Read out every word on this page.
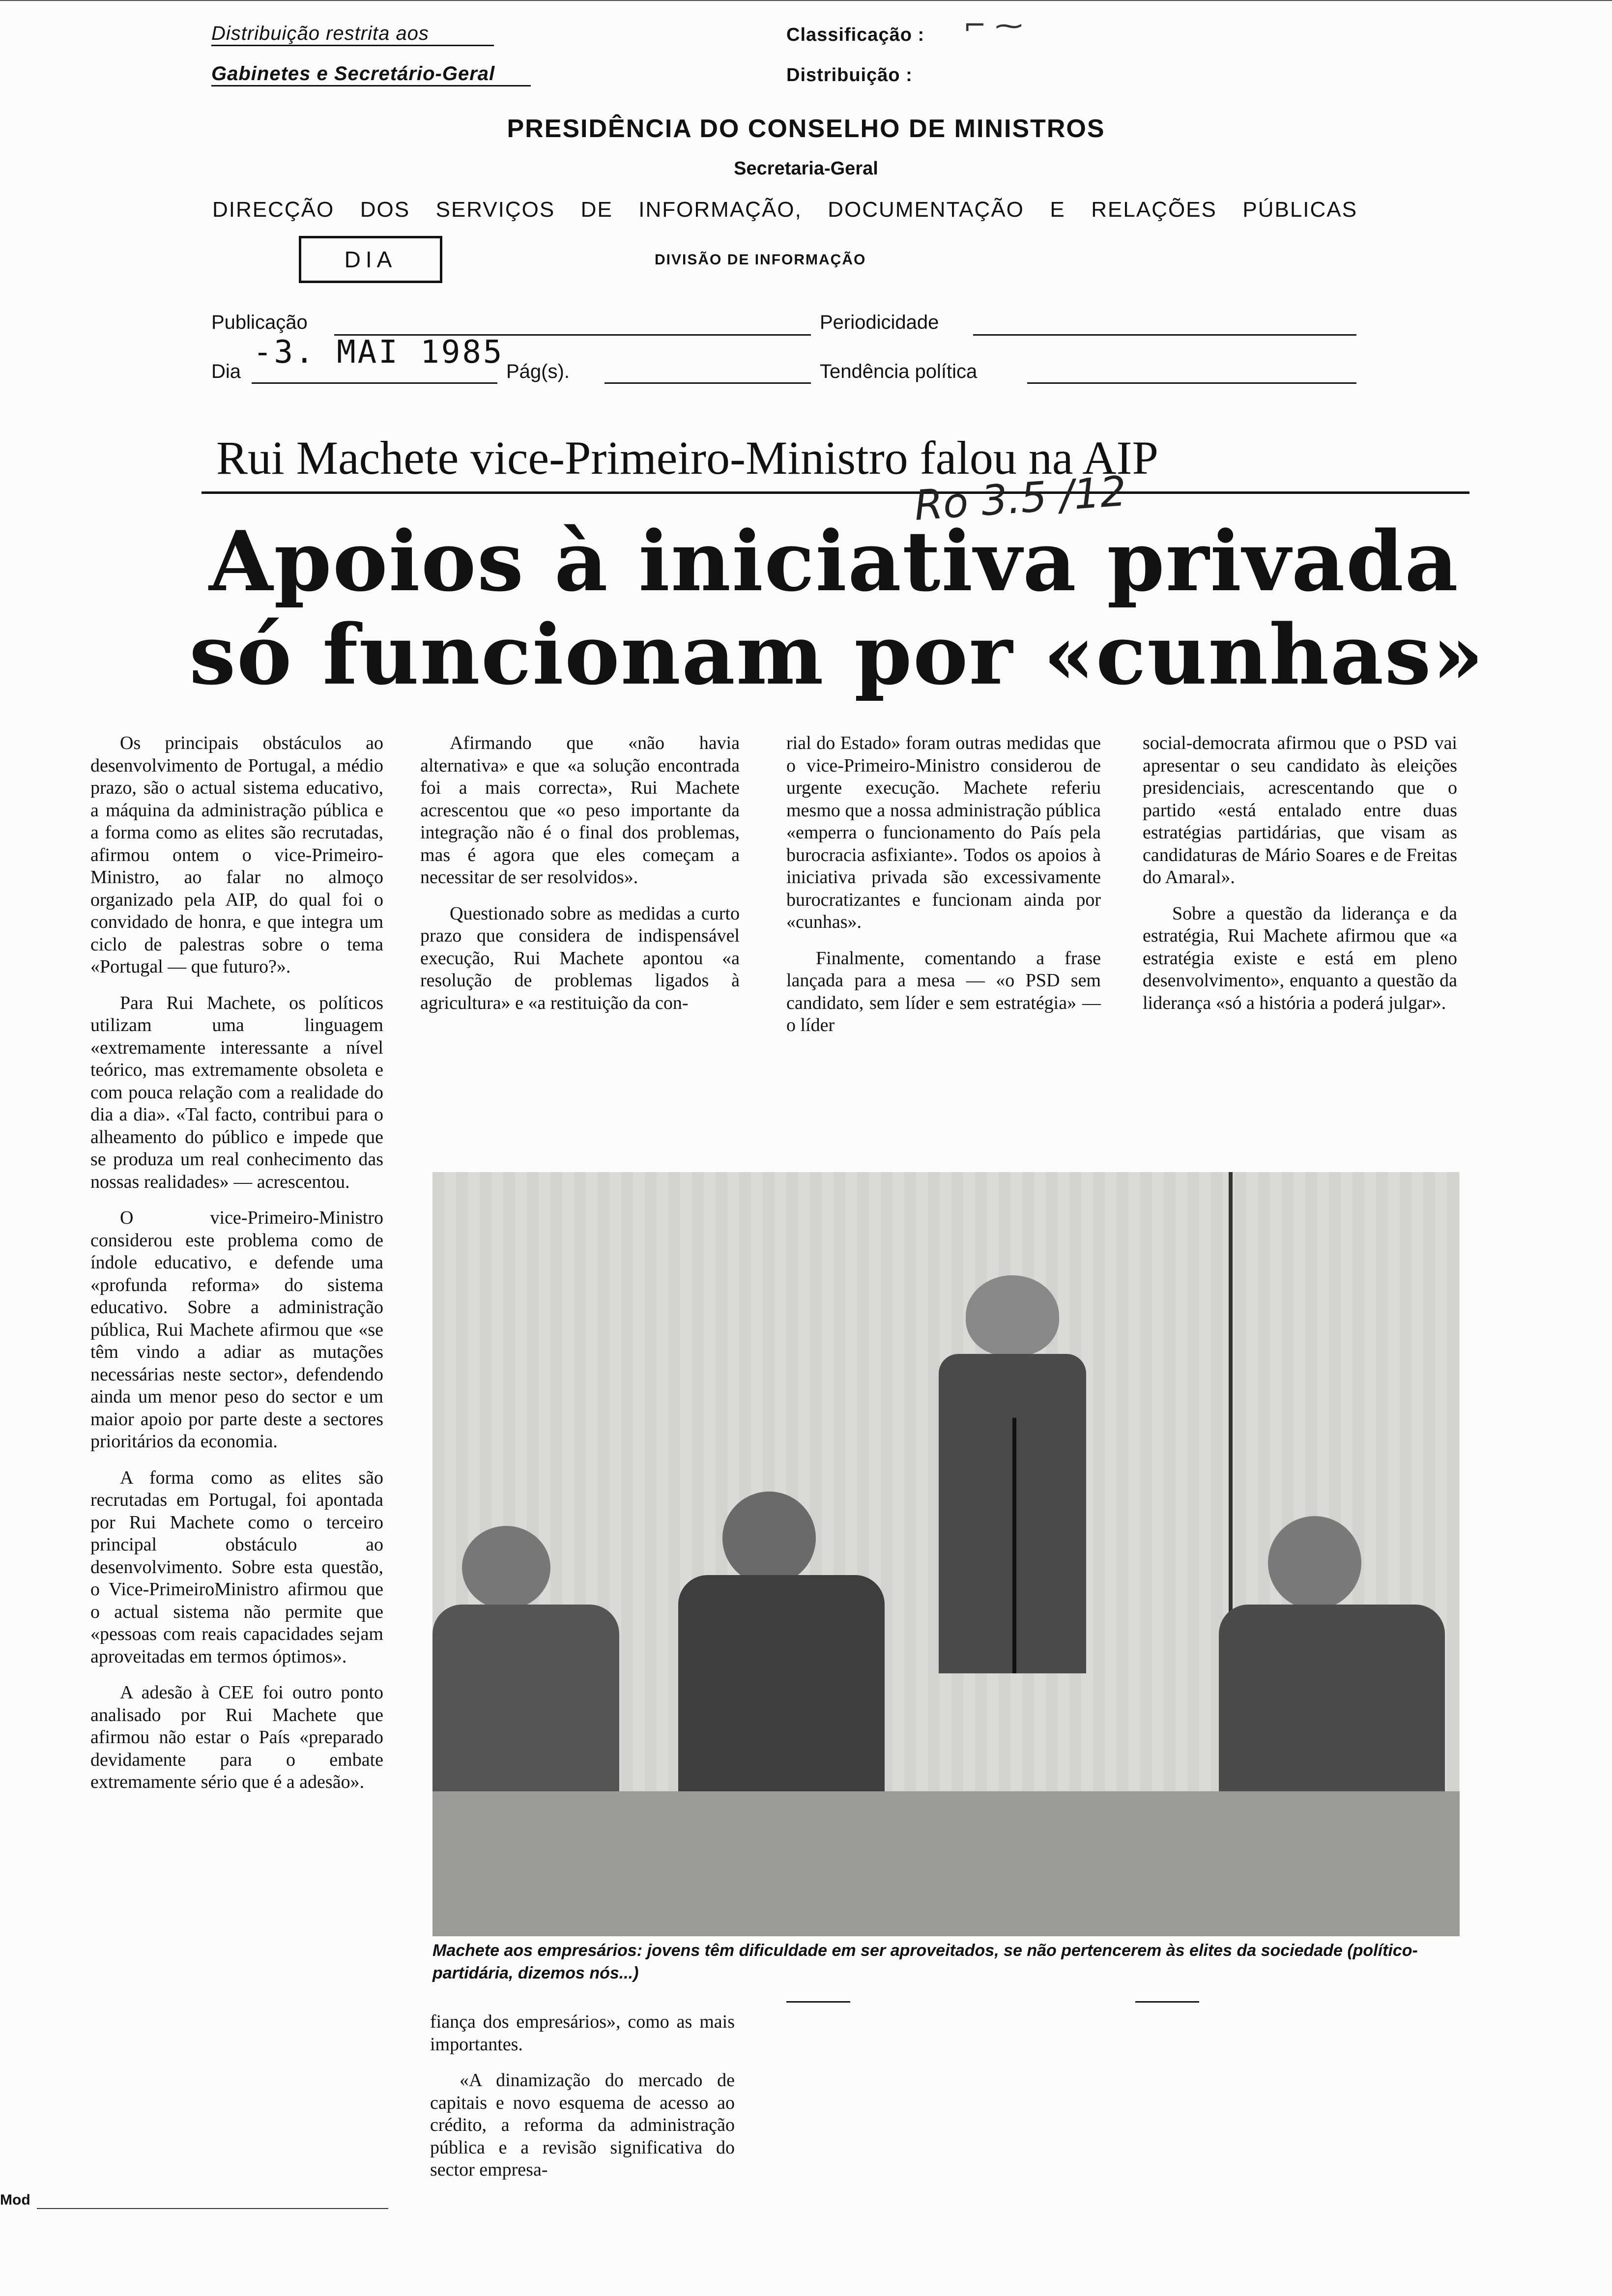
Distribuição restrita aos
Gabinetes e Secretário-Geral
Classificação :
Distribuição :
⌐ ⁓
PRESIDÊNCIA DO CONSELHO DE MINISTROS
Secretaria-Geral
DIRECÇÃO DOS SERVIÇOS DE INFORMAÇÃO, DOCUMENTAÇÃO E RELAÇÕES PÚBLICAS
DIA	DIVISÃO DE INFORMAÇÃO
Publicação	Periodicidade
Dia
-3. MAI 1985
Pág(s).	Tendência política
Rui Machete vice-Primeiro-Ministro falou na AIP
Ro 3.5 /12
Apoios à iniciativa privada
só funcionam por «cunhas»

Os principais obstáculos ao desenvolvimento de Portugal, a médio prazo, são o actual sistema educativo, a máquina da administração pública e a forma como as elites são recrutadas, afirmou ontem o vice-Primeiro-Ministro, ao falar no almoço organizado pela AIP, do qual foi o convidado de honra, e que integra um ciclo de palestras sobre o tema «Portugal — que futuro?».

Para Rui Machete, os políticos utilizam uma linguagem «extremamente interessante a nível teórico, mas extremamente obsoleta e com pouca relação com a realidade do dia a dia». «Tal facto, contribui para o alheamento do público e impede que se produza um real conhecimento das nossas realidades» — acrescentou.

O vice-Primeiro-Ministro considerou este problema como de índole educativo, e defende uma «profunda reforma» do sistema educativo. Sobre a administração pública, Rui Machete afirmou que «se têm vindo a adiar as mutações necessárias neste sector», defendendo ainda um menor peso do sector e um maior apoio por parte deste a sectores prioritários da economia.

A forma como as elites são recrutadas em Portugal, foi apontada por Rui Machete como o terceiro principal obstáculo ao desenvolvimento. Sobre esta questão, o Vice-PrimeiroMinistro afirmou que o actual sistema não permite que «pessoas com reais capacidades sejam aproveitadas em termos óptimos».

A adesão à CEE foi outro ponto analisado por Rui Machete que afirmou não estar o País «preparado devidamente para o embate extremamente sério que é a adesão».

Afirmando que «não havia alternativa» e que «a solução encontrada foi a mais correcta», Rui Machete acrescentou que «o peso importante da integração não é o final dos problemas, mas é agora que eles começam a necessitar de ser resolvidos».

Questionado sobre as medidas a curto prazo que considera de indispensável execução, Rui Machete apontou «a resolução de problemas ligados à agricultura» e «a restituição da con-

rial do Estado» foram outras medidas que o vice-Primeiro-Ministro considerou de urgente execução. Machete referiu mesmo que a nossa administração pública «emperra o funcionamento do País pela burocracia asfixiante». Todos os apoios à iniciativa privada são excessivamente burocratizantes e funcionam ainda por «cunhas».

Finalmente, comentando a frase lançada para a mesa — «o PSD sem candidato, sem líder e sem estratégia» — o líder

social-democrata afirmou que o PSD vai apresentar o seu candidato às eleições presidenciais, acrescentando que o partido «está entalado entre duas estratégias partidárias, que visam as candidaturas de Mário Soares e de Freitas do Amaral».

Sobre a questão da liderança e da estratégia, Rui Machete afirmou que «a estratégia existe e está em pleno desenvolvimento», enquanto a questão da liderança «só a história a poderá julgar».

Machete aos empresários: jovens têm dificuldade em ser aproveitados, se não pertencerem às elites da sociedade (político-partidária, dizemos nós...)

fiança dos empresários», como as mais importantes.

«A dinamização do mercado de capitais e novo esquema de acesso ao crédito, a reforma da administração pública e a revisão significativa do sector empresa-

Mod
